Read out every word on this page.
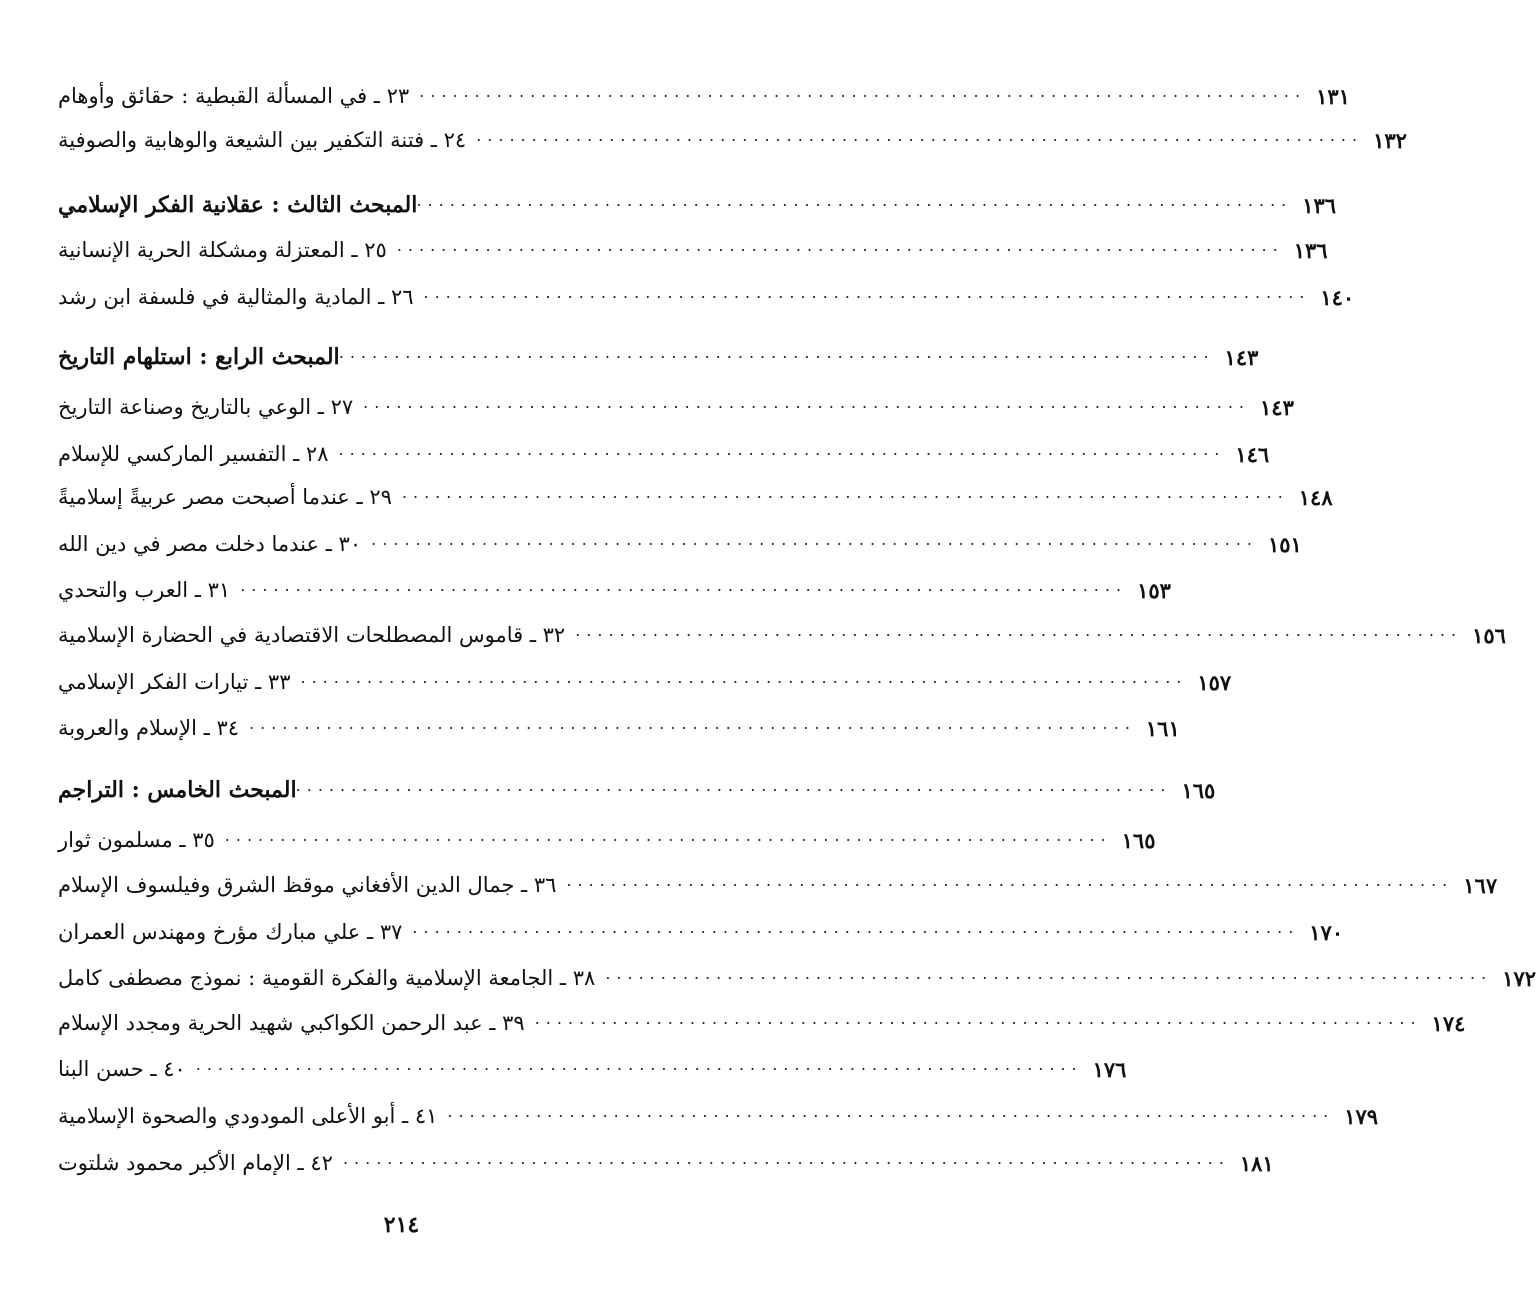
٢٣ ـ في المسألة القبطية : حقائق وأوهام ................................................................................ ١٣١
٢٤ ـ فتنة التكفير بين الشيعة والوهابية والصوفية ................................................................................ ١٣٢
المبحث الثالث : عقلانية الفكر الإسلامي
................................................................................ ١٣٦
٢٥ ـ المعتزلة ومشكلة الحرية الإنسانية ................................................................................ ١٣٦
٢٦ ـ المادية والمثالية في فلسفة ابن رشد ................................................................................ ١٤٠
المبحث الرابع : استلهام التاريخ
................................................................................ ١٤٣
٢٧ ـ الوعي بالتاريخ وصناعة التاريخ ................................................................................ ١٤٣
٢٨ ـ التفسير الماركسي للإسلام ................................................................................ ١٤٦
٢٩ ـ عندما أصبحت مصر عربيةً إسلاميةً ................................................................................ ١٤٨
٣٠ ـ عندما دخلت مصر في دين الله ................................................................................ ١٥١
٣١ ـ العرب والتحدي ................................................................................ ١٥٣
٣٢ ـ قاموس المصطلحات الاقتصادية في الحضارة الإسلامية ................................................................................ ١٥٦
٣٣ ـ تيارات الفكر الإسلامي ................................................................................ ١٥٧
٣٤ ـ الإسلام والعروبة ................................................................................ ١٦١
المبحث الخامس : التراجم
................................................................................ ١٦٥
٣٥ ـ مسلمون ثوار ................................................................................ ١٦٥
٣٦ ـ جمال الدين الأفغاني موقظ الشرق وفيلسوف الإسلام ................................................................................ ١٦٧
٣٧ ـ علي مبارك مؤرخ ومهندس العمران ................................................................................ ١٧٠
٣٨ ـ الجامعة الإسلامية والفكرة القومية : نموذج مصطفى كامل ................................................................................ ١٧٢
٣٩ ـ عبد الرحمن الكواكبي شهيد الحرية ومجدد الإسلام ................................................................................ ١٧٤
٤٠ ـ حسن البنا ................................................................................ ١٧٦
٤١ ـ أبو الأعلى المودودي والصحوة الإسلامية ................................................................................ ١٧٩
٤٢ ـ الإمام الأكبر محمود شلتوت ................................................................................ ١٨١
٢١٤
